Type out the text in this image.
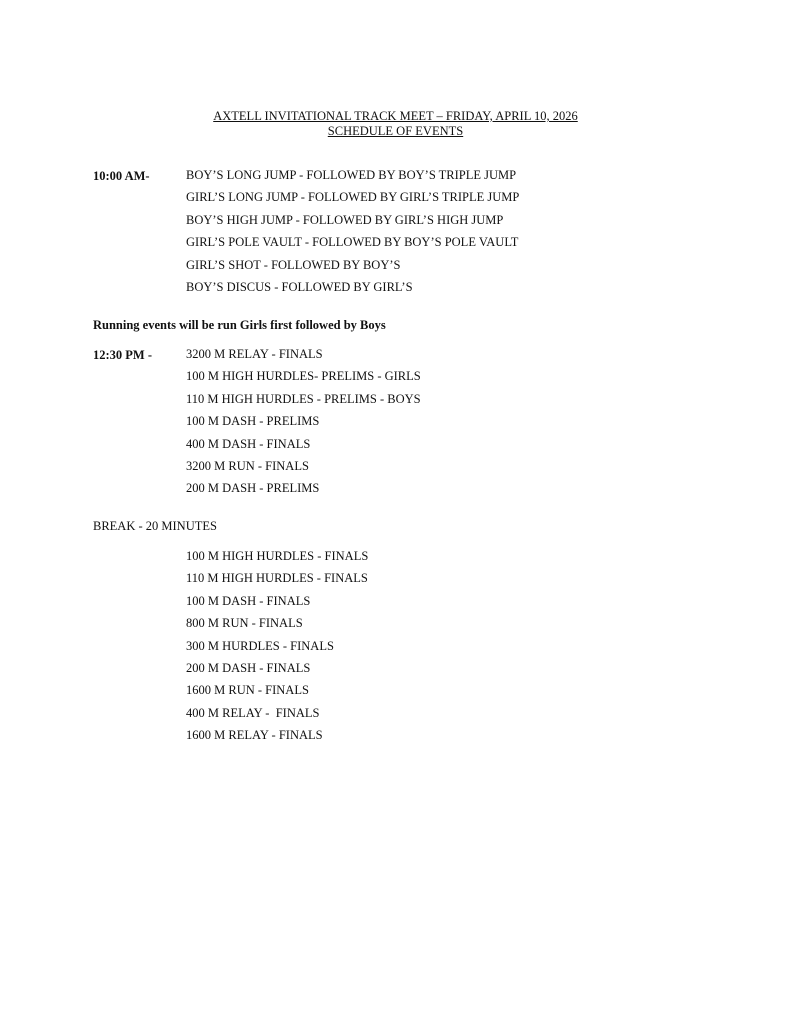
AXTELL INVITATIONAL TRACK MEET – FRIDAY, APRIL 10, 2026
SCHEDULE OF EVENTS
10:00 AM-	BOY’S LONG JUMP - FOLLOWED BY BOY’S TRIPLE JUMP
GIRL’S LONG JUMP - FOLLOWED BY GIRL’S TRIPLE JUMP
BOY’S HIGH JUMP - FOLLOWED BY GIRL’S HIGH JUMP
GIRL’S POLE VAULT - FOLLOWED BY BOY’S POLE VAULT
GIRL’S SHOT - FOLLOWED BY BOY’S
BOY’S DISCUS - FOLLOWED BY GIRL’S
Running events will be run Girls first followed by Boys
12:30 PM -	3200 M RELAY - FINALS
100 M HIGH HURDLES- PRELIMS - GIRLS
110 M HIGH HURDLES - PRELIMS - BOYS
100 M DASH - PRELIMS
400 M DASH - FINALS
3200 M RUN - FINALS
200 M DASH - PRELIMS
BREAK - 20 MINUTES
100 M HIGH HURDLES - FINALS
110 M HIGH HURDLES - FINALS
100 M DASH - FINALS
800 M RUN - FINALS
300 M HURDLES - FINALS
200 M DASH - FINALS
1600 M RUN - FINALS
400 M RELAY -  FINALS
1600 M RELAY - FINALS
